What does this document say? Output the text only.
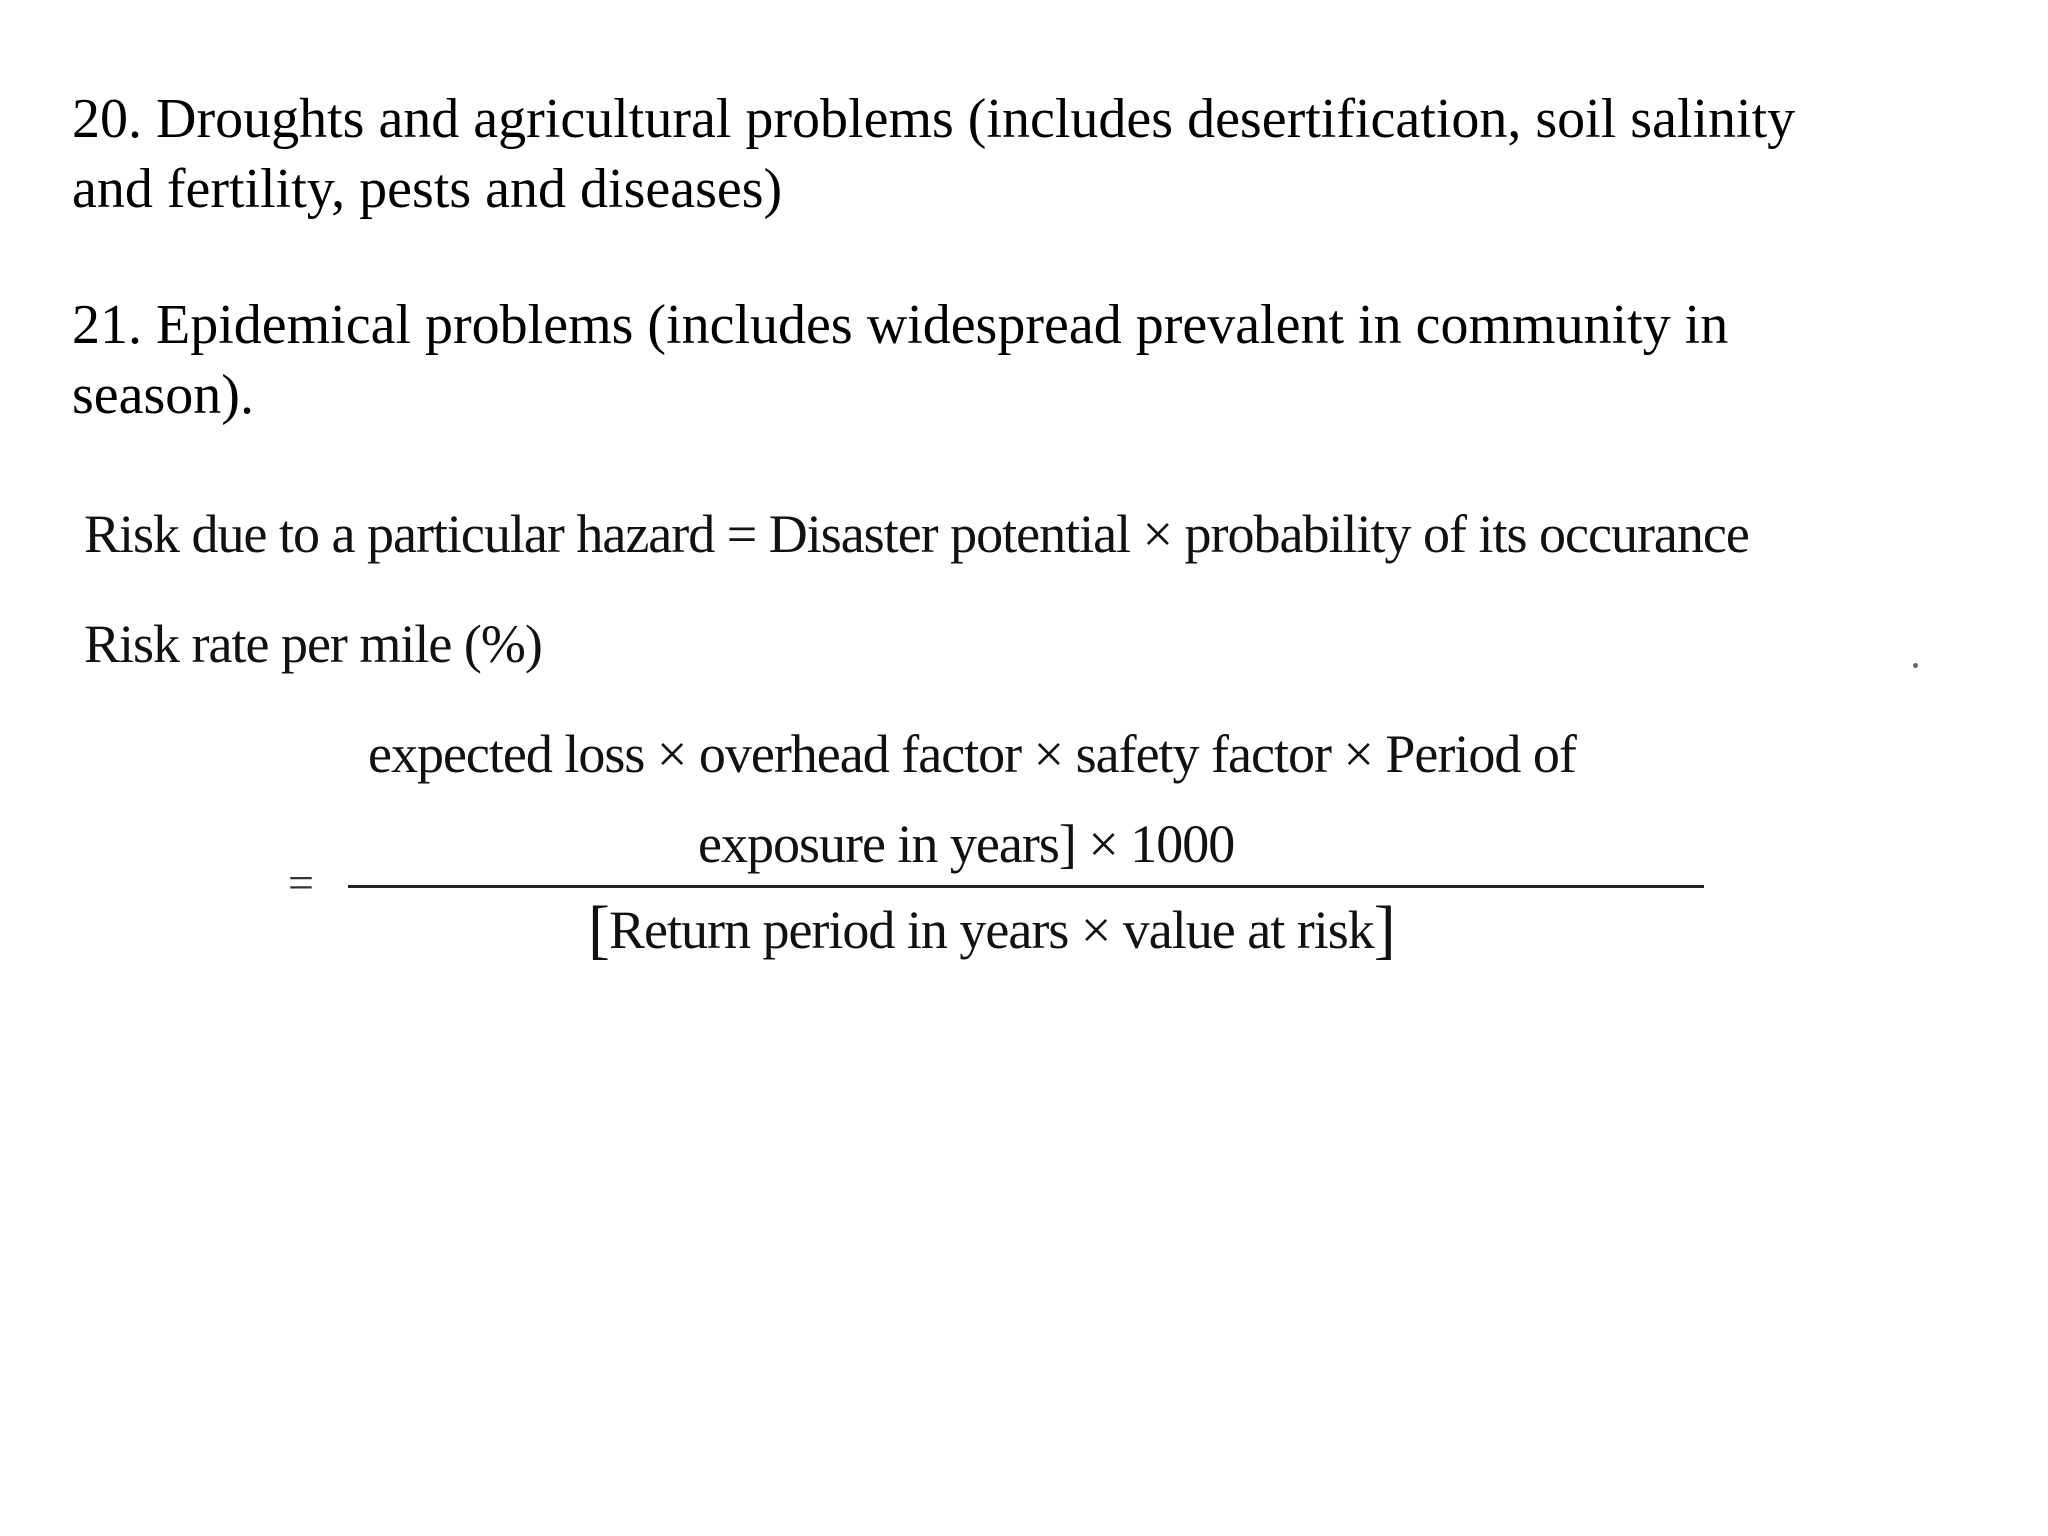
20. Droughts and agricultural problems (includes desertification, soil salinity
and fertility, pests and diseases)
21. Epidemical problems (includes widespread prevalent in community in
season).
Risk due to a particular hazard = Disaster potential × probability of its occurance
Risk rate per mile (%)
expected loss × overhead factor × safety factor × Period of
exposure in years] × 1000
=
[Return period in years × value at risk]
